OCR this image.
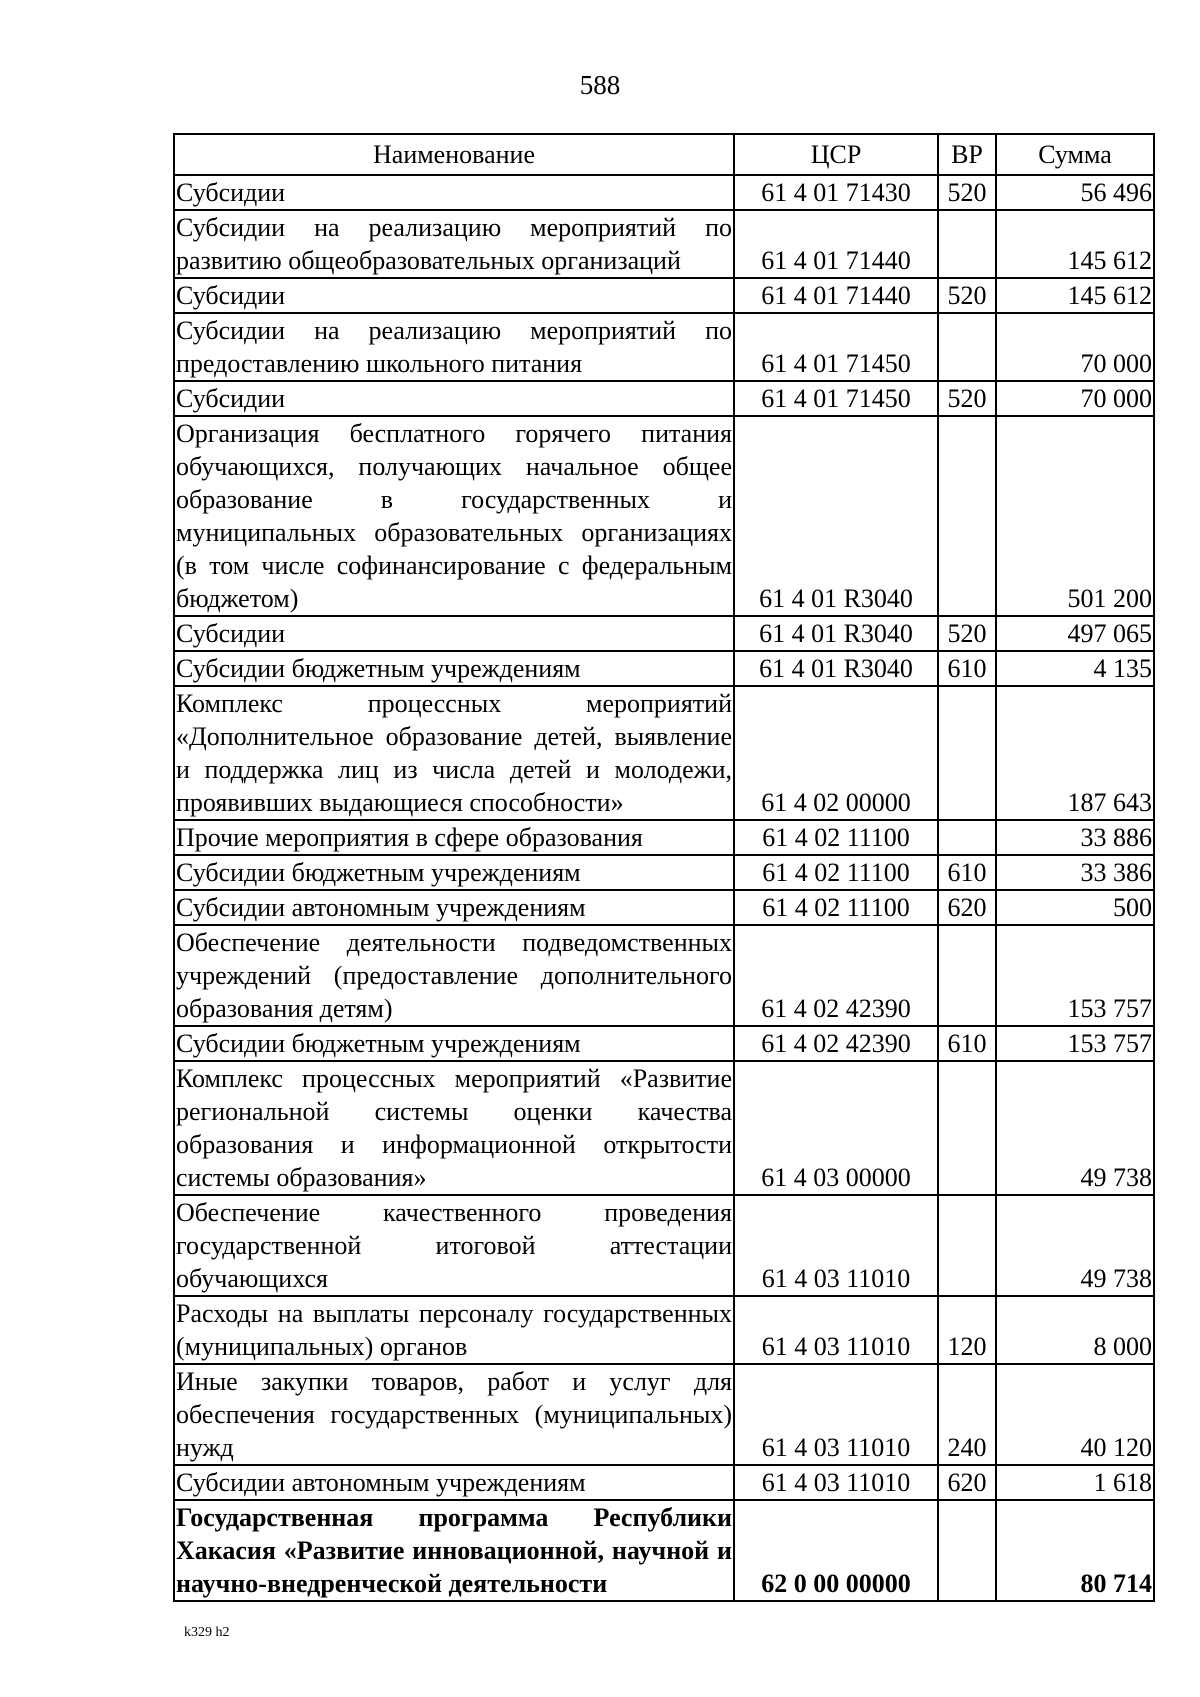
588
Наименование	ЦСР	ВР	Сумма
Субсидии	61 4 01 71430	520	56 496
Субсидии на реализацию мероприятий по развитию общеобразовательных организаций	61 4 01 71440		145 612
Субсидии	61 4 01 71440	520	145 612
Субсидии на реализацию мероприятий по предоставлению школьного питания	61 4 01 71450		70 000
Субсидии	61 4 01 71450	520	70 000
Организация бесплатного горячего питания обучающихся, получающих начальное общее образование в государственных и муниципальных образовательных организациях (в том числе софинансирование с федеральным бюджетом)	61 4 01 R3040		501 200
Субсидии	61 4 01 R3040	520	497 065
Субсидии бюджетным учреждениям	61 4 01 R3040	610	4 135
Комплекс процессных мероприятий «Дополнительное образование детей, выявление и поддержка лиц из числа детей и молодежи, проявивших выдающиеся способности»	61 4 02 00000		187 643
Прочие мероприятия в сфере образования	61 4 02 11100		33 886
Субсидии бюджетным учреждениям	61 4 02 11100	610	33 386
Субсидии автономным учреждениям	61 4 02 11100	620	500
Обеспечение деятельности подведомственных учреждений (предоставление дополнительного образования детям)	61 4 02 42390		153 757
Субсидии бюджетным учреждениям	61 4 02 42390	610	153 757
Комплекс процессных мероприятий «Развитие региональной системы оценки качества образования и информационной открытости системы образования»	61 4 03 00000		49 738
Обеспечение качественного проведения государственной итоговой аттестации обучающихся	61 4 03 11010		49 738
Расходы на выплаты персоналу государственных (муниципальных) органов	61 4 03 11010	120	8 000
Иные закупки товаров, работ и услуг для обеспечения государственных (муниципальных) нужд	61 4 03 11010	240	40 120
Субсидии автономным учреждениям	61 4 03 11010	620	1 618
Государственная программа Республики Хакасия «Развитие инновационной, научной и научно-внедренческой деятельности	62 0 00 00000		80 714
k329 h2
